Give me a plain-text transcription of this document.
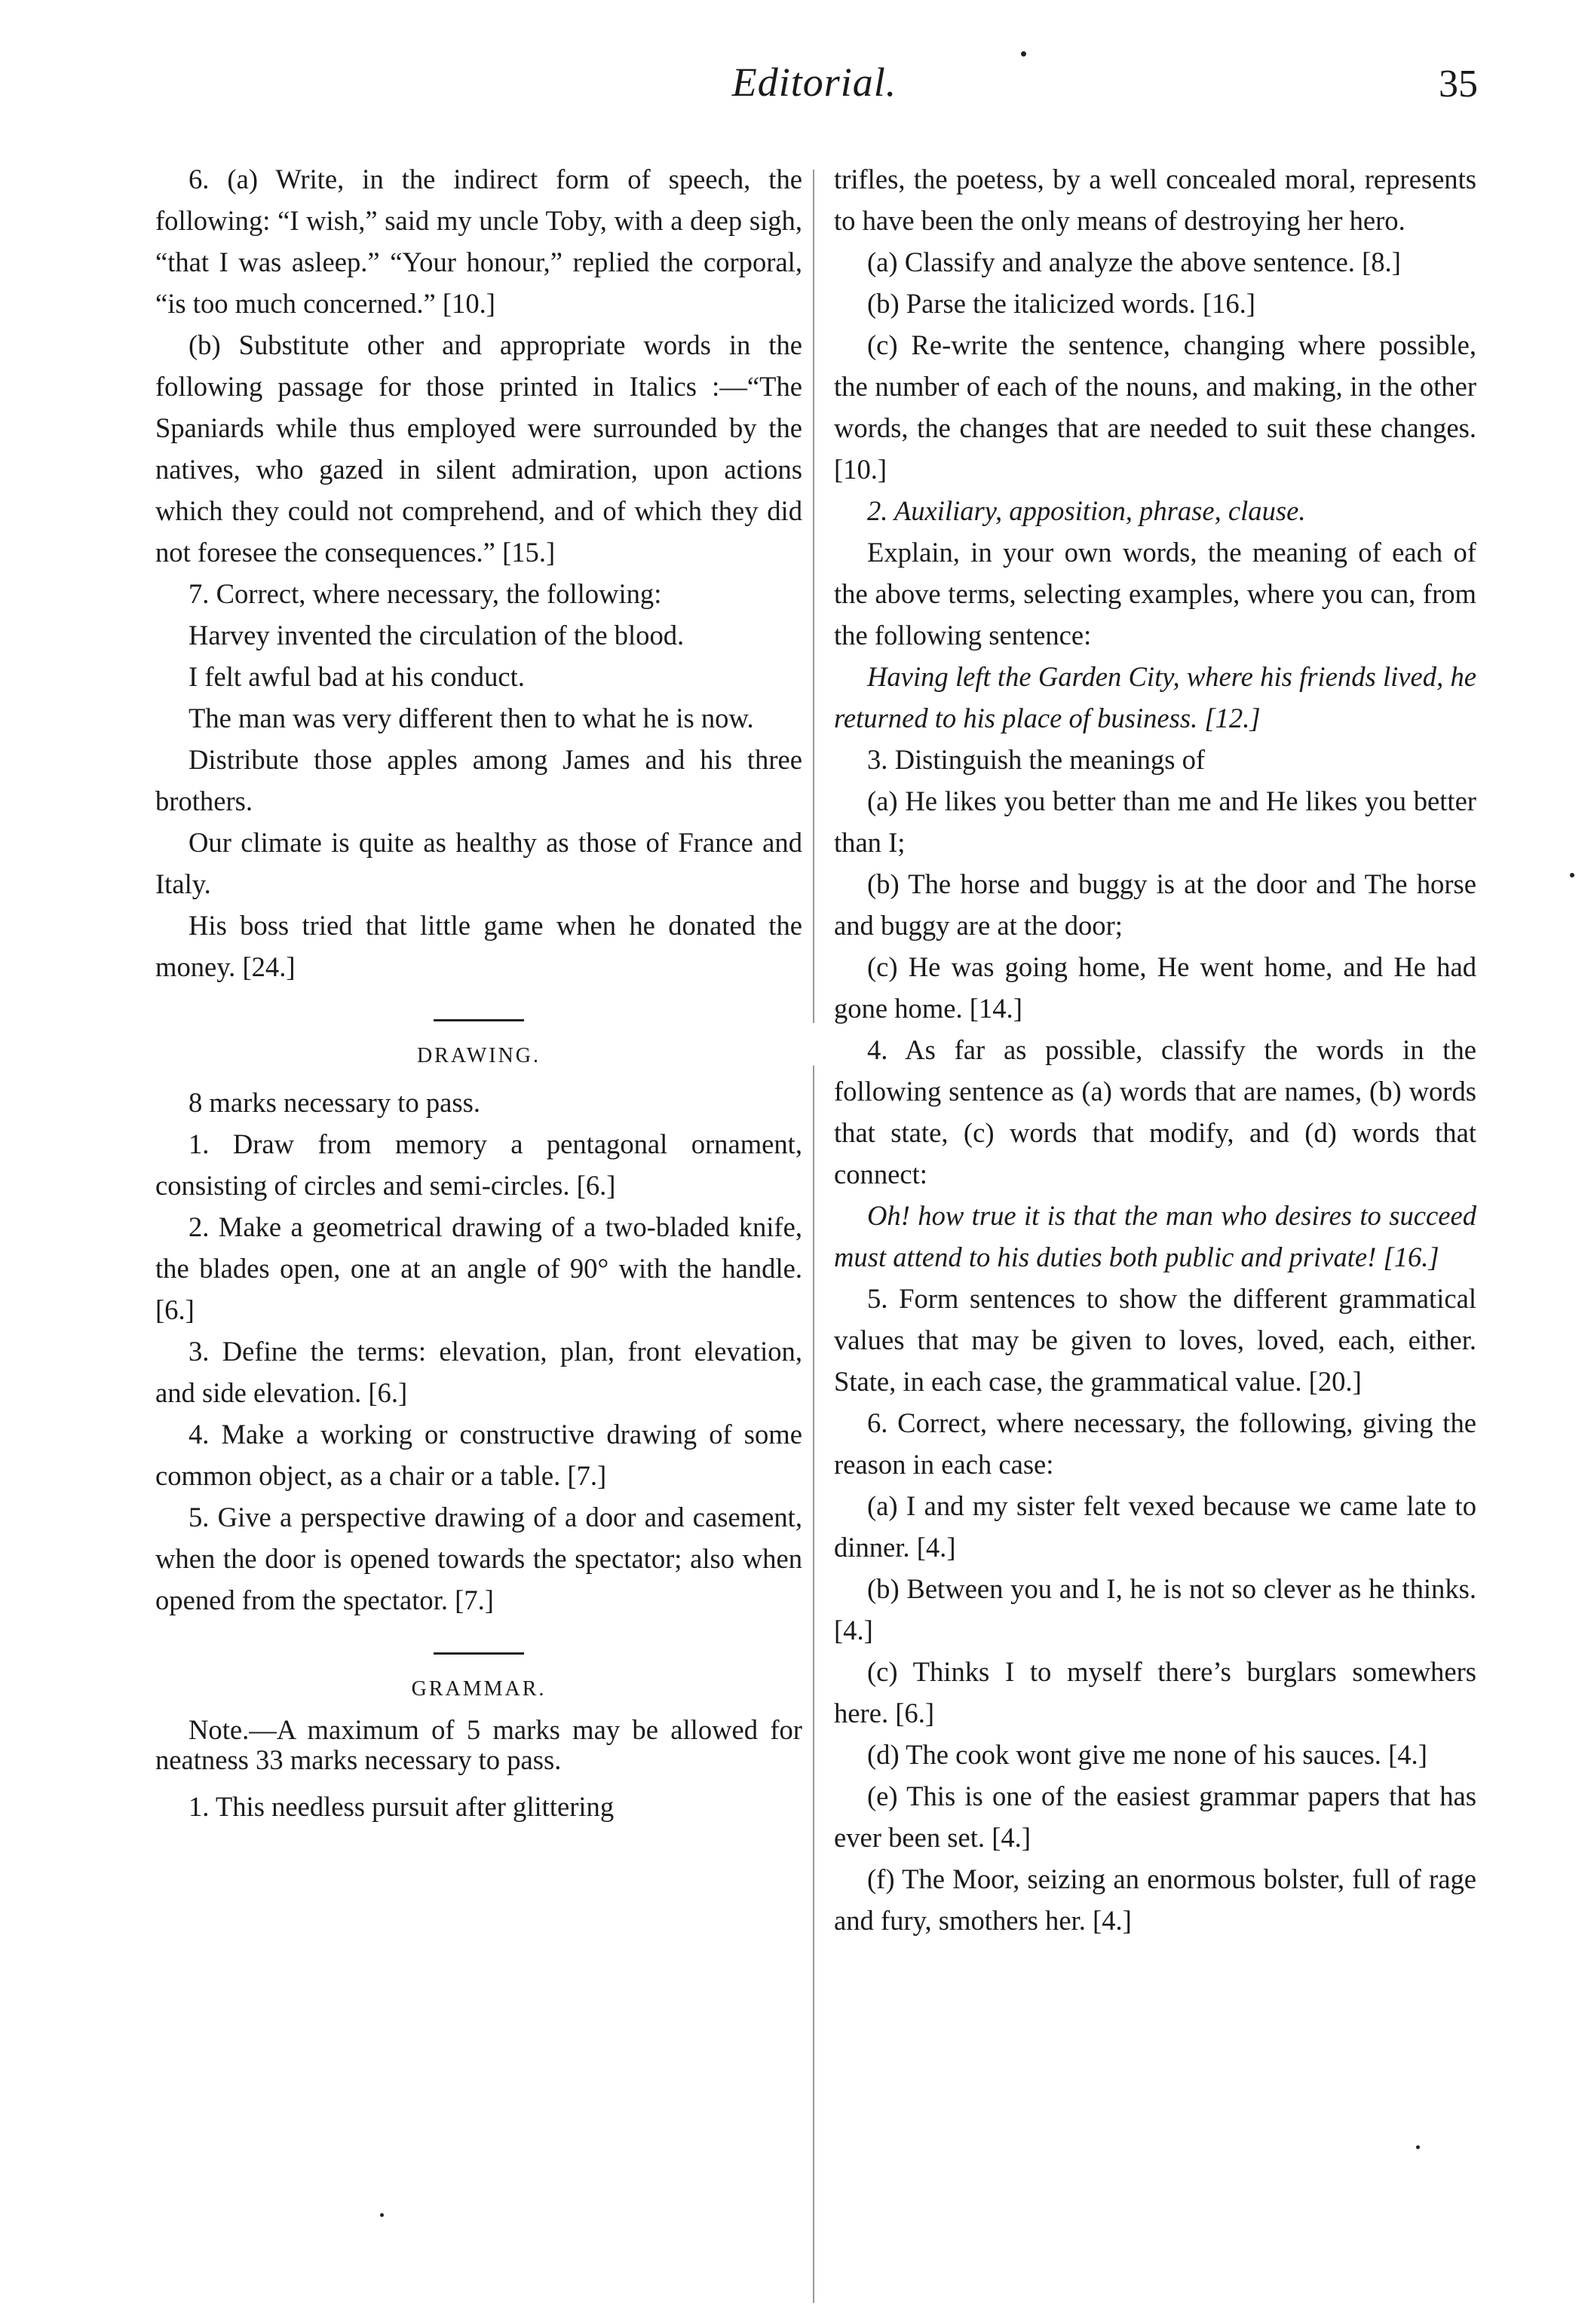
Editorial.	35

6. (a) Write, in the indirect form of speech, the following: “I wish,” said my uncle Toby, with a deep sigh, “that I was asleep.” “Your honour,” replied the corporal, “is too much concerned.” [10.]

(b) Substitute other and appropriate words in the following passage for those printed in Italics :—“The Spaniards while thus employed were surrounded by the natives, who gazed in silent admiration, upon actions which they could not comprehend, and of which they did not foresee the consequences.” [15.]

7. Correct, where necessary, the following:

Harvey invented the circulation of the blood.

I felt awful bad at his conduct.

The man was very different then to what he is now.

Distribute those apples among James and his three brothers.

Our climate is quite as healthy as those of France and Italy.

His boss tried that little game when he donated the money. [24.]

DRAWING.

8 marks necessary to pass.

1. Draw from memory a pentagonal ornament, consisting of circles and semi-circles. [6.]

2. Make a geometrical drawing of a two-bladed knife, the blades open, one at an angle of 90° with the handle. [6.]

3. Define the terms: elevation, plan, front elevation, and side elevation. [6.]

4. Make a working or constructive drawing of some common object, as a chair or a table. [7.]

5. Give a perspective drawing of a door and casement, when the door is opened towards the spectator; also when opened from the spectator. [7.]

GRAMMAR.

Note.—A maximum of 5 marks may be allowed for neatness 33 marks necessary to pass.

1. This needless pursuit after glittering

trifles, the poetess, by a well concealed moral, represents to have been the only means of destroying her hero.

(a) Classify and analyze the above sentence. [8.]

(b) Parse the italicized words. [16.]

(c) Re-write the sentence, changing where possible, the number of each of the nouns, and making, in the other words, the changes that are needed to suit these changes. [10.]

2. Auxiliary, apposition, phrase, clause.

Explain, in your own words, the meaning of each of the above terms, selecting examples, where you can, from the following sentence:

Having left the Garden City, where his friends lived, he returned to his place of business. [12.]

3. Distinguish the meanings of

(a) He likes you better than me and He likes you better than I;

(b) The horse and buggy is at the door and The horse and buggy are at the door;

(c) He was going home, He went home, and He had gone home. [14.]

4. As far as possible, classify the words in the following sentence as (a) words that are names, (b) words that state, (c) words that modify, and (d) words that connect:

Oh! how true it is that the man who desires to succeed must attend to his duties both public and private! [16.]

5. Form sentences to show the different grammatical values that may be given to loves, loved, each, either. State, in each case, the grammatical value. [20.]

6. Correct, where necessary, the following, giving the reason in each case:

(a) I and my sister felt vexed because we came late to dinner. [4.]

(b) Between you and I, he is not so clever as he thinks. [4.]

(c) Thinks I to myself there’s burglars somewhers here. [6.]

(d) The cook wont give me none of his sauces. [4.]

(e) This is one of the easiest grammar papers that has ever been set. [4.]

(f) The Moor, seizing an enormous bolster, full of rage and fury, smothers her. [4.]
